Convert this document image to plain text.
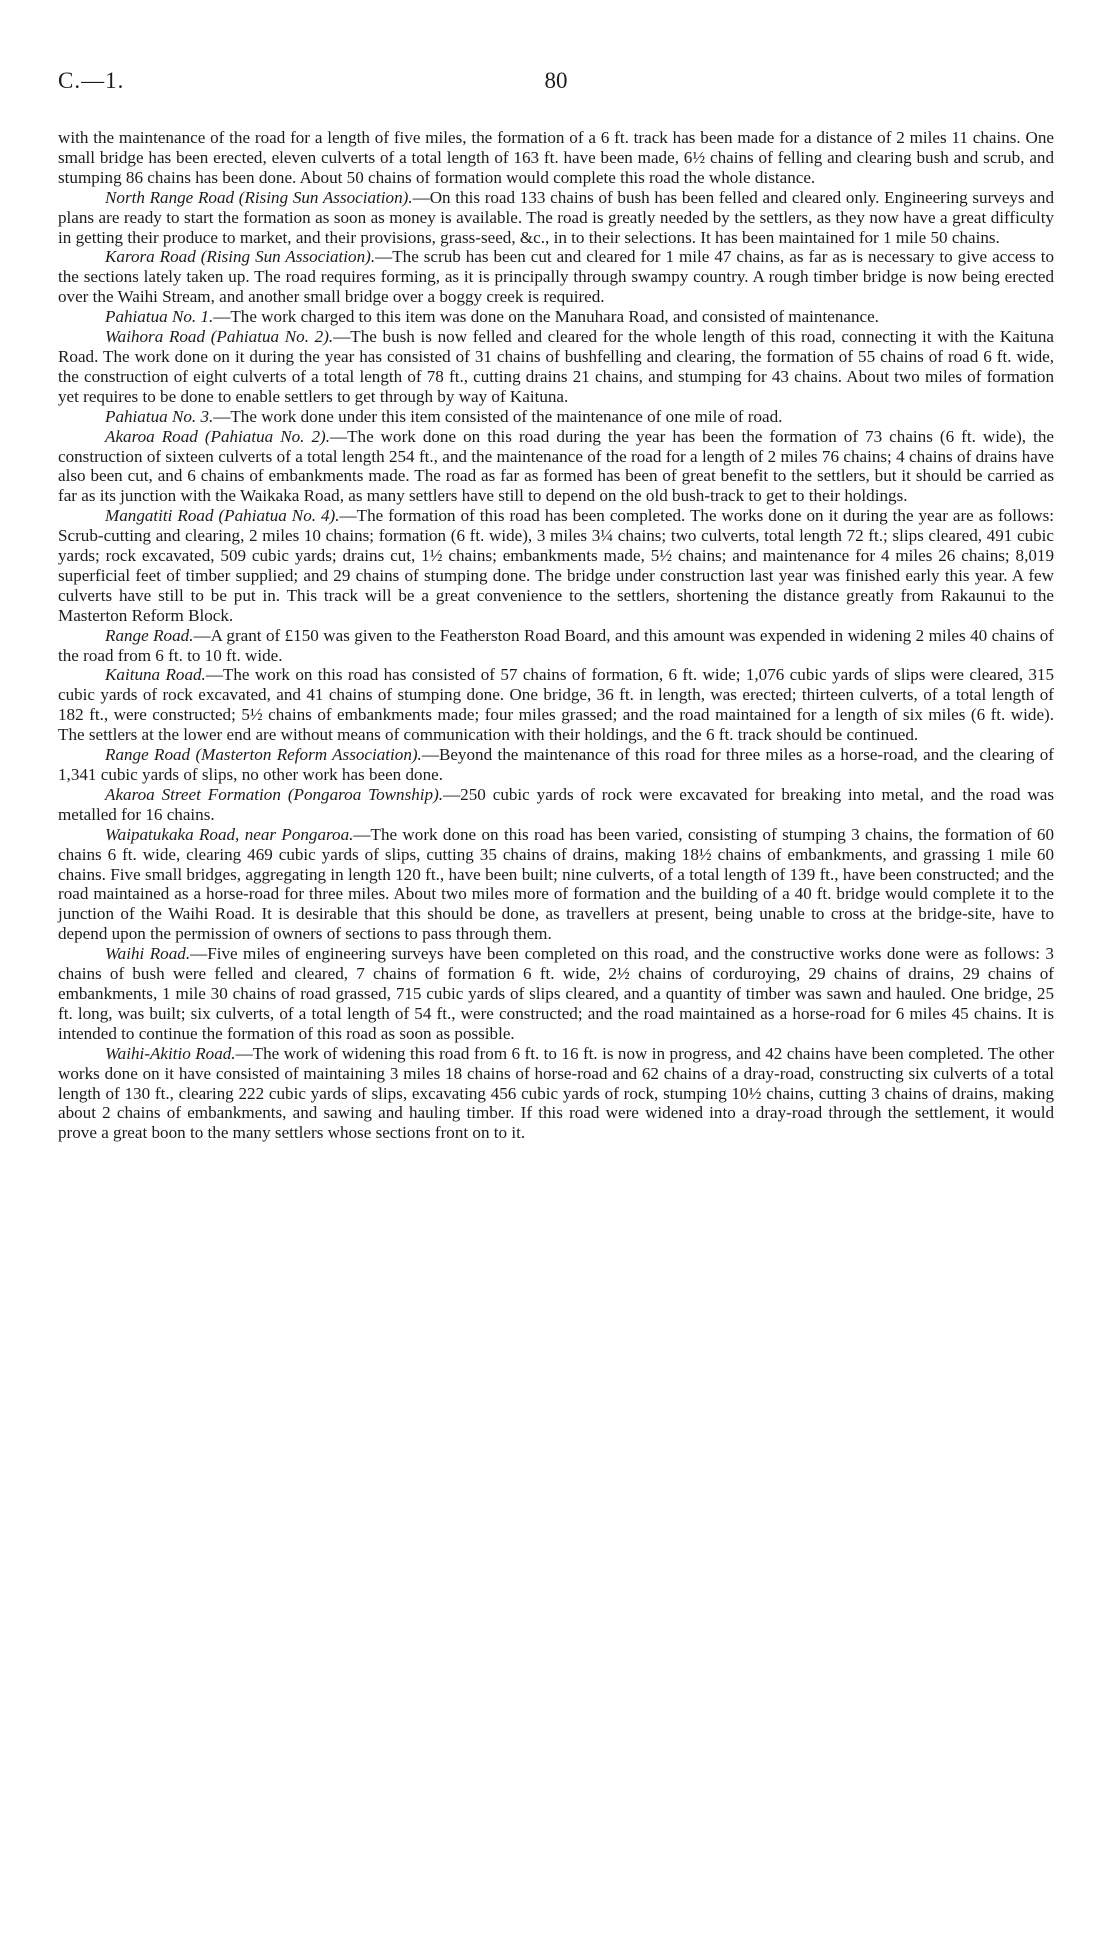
C.—1.	80

with the maintenance of the road for a length of five miles, the formation of a 6 ft. track has been made for a distance of 2 miles 11 chains. One small bridge has been erected, eleven culverts of a total length of 163 ft. have been made, 6½ chains of felling and clearing bush and scrub, and stumping 86 chains has been done. About 50 chains of formation would complete this road the whole distance.

North Range Road (Rising Sun Association).—On this road 133 chains of bush has been felled and cleared only. Engineering surveys and plans are ready to start the formation as soon as money is available. The road is greatly needed by the settlers, as they now have a great difficulty in getting their produce to market, and their provisions, grass-seed, &c., in to their selections. It has been maintained for 1 mile 50 chains.

Karora Road (Rising Sun Association).—The scrub has been cut and cleared for 1 mile 47 chains, as far as is necessary to give access to the sections lately taken up. The road requires forming, as it is principally through swampy country. A rough timber bridge is now being erected over the Waihi Stream, and another small bridge over a boggy creek is required.

Pahiatua No. 1.—The work charged to this item was done on the Manuhara Road, and consisted of maintenance.

Waihora Road (Pahiatua No. 2).—The bush is now felled and cleared for the whole length of this road, connecting it with the Kaituna Road. The work done on it during the year has consisted of 31 chains of bushfelling and clearing, the formation of 55 chains of road 6 ft. wide, the construction of eight culverts of a total length of 78 ft., cutting drains 21 chains, and stumping for 43 chains. About two miles of formation yet requires to be done to enable settlers to get through by way of Kaituna.

Pahiatua No. 3.—The work done under this item consisted of the maintenance of one mile of road.

Akaroa Road (Pahiatua No. 2).—The work done on this road during the year has been the formation of 73 chains (6 ft. wide), the construction of sixteen culverts of a total length 254 ft., and the maintenance of the road for a length of 2 miles 76 chains; 4 chains of drains have also been cut, and 6 chains of embankments made. The road as far as formed has been of great benefit to the settlers, but it should be carried as far as its junction with the Waikaka Road, as many settlers have still to depend on the old bush-track to get to their holdings.

Mangatiti Road (Pahiatua No. 4).—The formation of this road has been completed. The works done on it during the year are as follows: Scrub-cutting and clearing, 2 miles 10 chains; formation (6 ft. wide), 3 miles 3¼ chains; two culverts, total length 72 ft.; slips cleared, 491 cubic yards; rock excavated, 509 cubic yards; drains cut, 1½ chains; embankments made, 5½ chains; and maintenance for 4 miles 26 chains; 8,019 superficial feet of timber supplied; and 29 chains of stumping done. The bridge under construction last year was finished early this year. A few culverts have still to be put in. This track will be a great convenience to the settlers, shortening the distance greatly from Rakaunui to the Masterton Reform Block.

Range Road.—A grant of £150 was given to the Featherston Road Board, and this amount was expended in widening 2 miles 40 chains of the road from 6 ft. to 10 ft. wide.

Kaituna Road.—The work on this road has consisted of 57 chains of formation, 6 ft. wide; 1,076 cubic yards of slips were cleared, 315 cubic yards of rock excavated, and 41 chains of stumping done. One bridge, 36 ft. in length, was erected; thirteen culverts, of a total length of 182 ft., were constructed; 5½ chains of embankments made; four miles grassed; and the road maintained for a length of six miles (6 ft. wide). The settlers at the lower end are without means of communication with their holdings, and the 6 ft. track should be continued.

Range Road (Masterton Reform Association).—Beyond the maintenance of this road for three miles as a horse-road, and the clearing of 1,341 cubic yards of slips, no other work has been done.

Akaroa Street Formation (Pongaroa Township).—250 cubic yards of rock were excavated for breaking into metal, and the road was metalled for 16 chains.

Waipatukaka Road, near Pongaroa.—The work done on this road has been varied, consisting of stumping 3 chains, the formation of 60 chains 6 ft. wide, clearing 469 cubic yards of slips, cutting 35 chains of drains, making 18½ chains of embankments, and grassing 1 mile 60 chains. Five small bridges, aggregating in length 120 ft., have been built; nine culverts, of a total length of 139 ft., have been constructed; and the road maintained as a horse-road for three miles. About two miles more of formation and the building of a 40 ft. bridge would complete it to the junction of the Waihi Road. It is desirable that this should be done, as travellers at present, being unable to cross at the bridge-site, have to depend upon the permission of owners of sections to pass through them.

Waihi Road.—Five miles of engineering surveys have been completed on this road, and the constructive works done were as follows: 3 chains of bush were felled and cleared, 7 chains of formation 6 ft. wide, 2½ chains of corduroying, 29 chains of drains, 29 chains of embankments, 1 mile 30 chains of road grassed, 715 cubic yards of slips cleared, and a quantity of timber was sawn and hauled. One bridge, 25 ft. long, was built; six culverts, of a total length of 54 ft., were constructed; and the road maintained as a horse-road for 6 miles 45 chains. It is intended to continue the formation of this road as soon as possible.

Waihi-Akitio Road.—The work of widening this road from 6 ft. to 16 ft. is now in progress, and 42 chains have been completed. The other works done on it have consisted of maintaining 3 miles 18 chains of horse-road and 62 chains of a dray-road, constructing six culverts of a total length of 130 ft., clearing 222 cubic yards of slips, excavating 456 cubic yards of rock, stumping 10½ chains, cutting 3 chains of drains, making about 2 chains of embankments, and sawing and hauling timber. If this road were widened into a dray-road through the settlement, it would prove a great boon to the many settlers whose sections front on to it.
